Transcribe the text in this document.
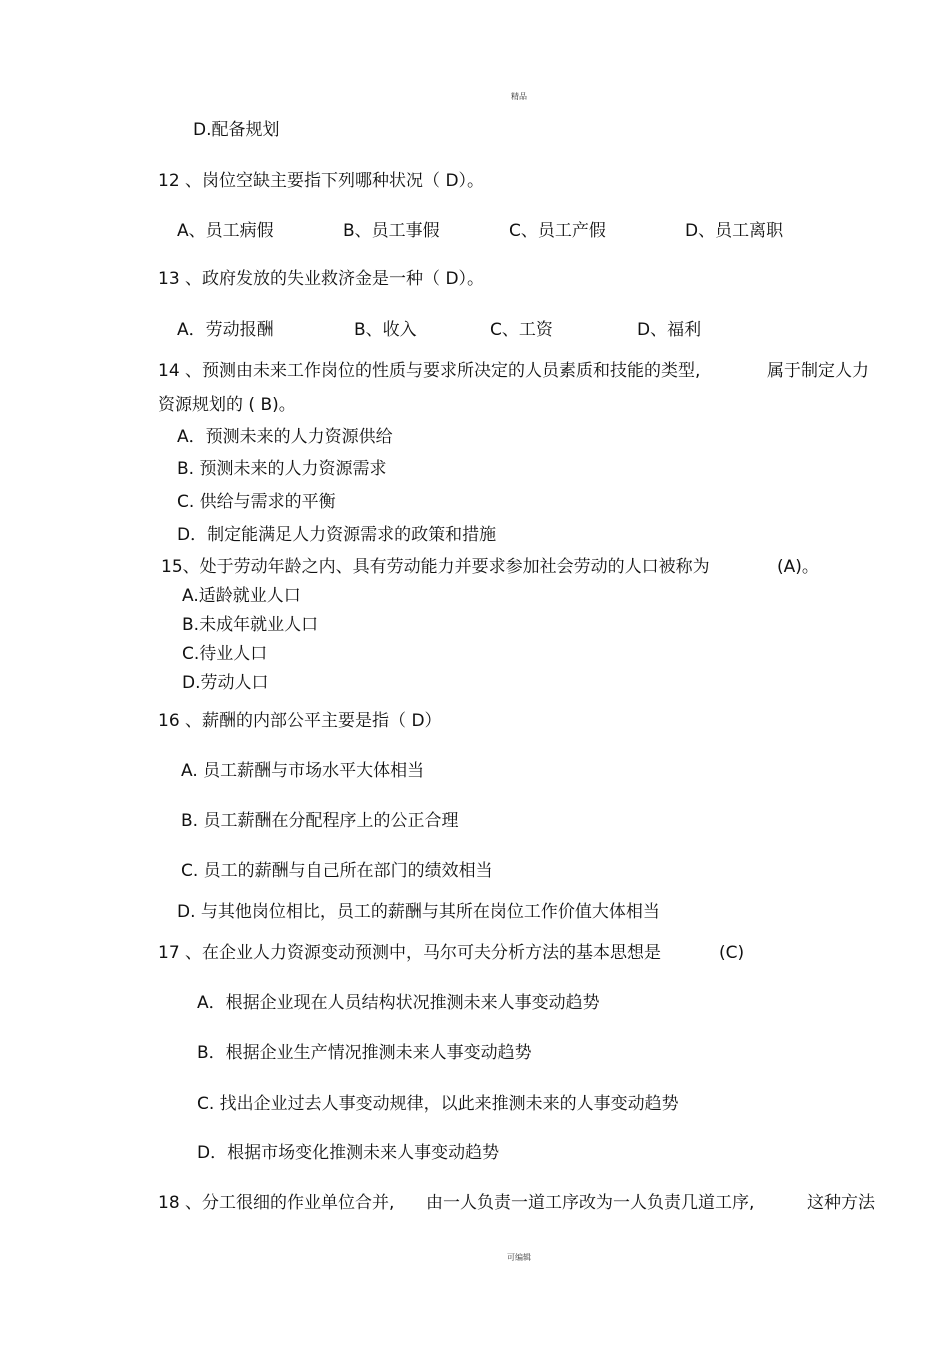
精品
D.配备规划
12 、岗位空缺主要指下列哪种状况（ D）。
A、员工病假	B、员工事假	C、员工产假	D、员工离职
13 、政府发放的失业救济金是一种（ D）。
A．劳动报酬	B、收入	C、工资	D、福利
14 、预测由未来工作岗位的性质与要求所决定的人员素质和技能的类型,	属于制定人力
资源规划的 ( B)。
A．预测未来的人力资源供给
B. 预测未来的人力资源需求
C. 供给与需求的平衡
D．制定能满足人力资源需求的政策和措施
15、处于劳动年龄之内、具有劳动能力并要求参加社会劳动的人口被称为	(A)。
A.适龄就业人口
B.未成年就业人口
C.待业人口
D.劳动人口
16 、薪酬的内部公平主要是指（ D）
A. 员工薪酬与市场水平大体相当
B. 员工薪酬在分配程序上的公正合理
C. 员工的薪酬与自己所在部门的绩效相当
D. 与其他岗位相比，员工的薪酬与其所在岗位工作价值大体相当
17 、在企业人力资源变动预测中，马尔可夫分析方法的基本思想是	(C)
A．根据企业现在人员结构状况推测未来人事变动趋势
B．根据企业生产情况推测未来人事变动趋势
C. 找出企业过去人事变动规律，以此来推测未来的人事变动趋势
D．根据市场变化推测未来人事变动趋势
18 、分工很细的作业单位合并, 由一人负责一道工序改为一人负责几道工序,	这种方法
可编辑
